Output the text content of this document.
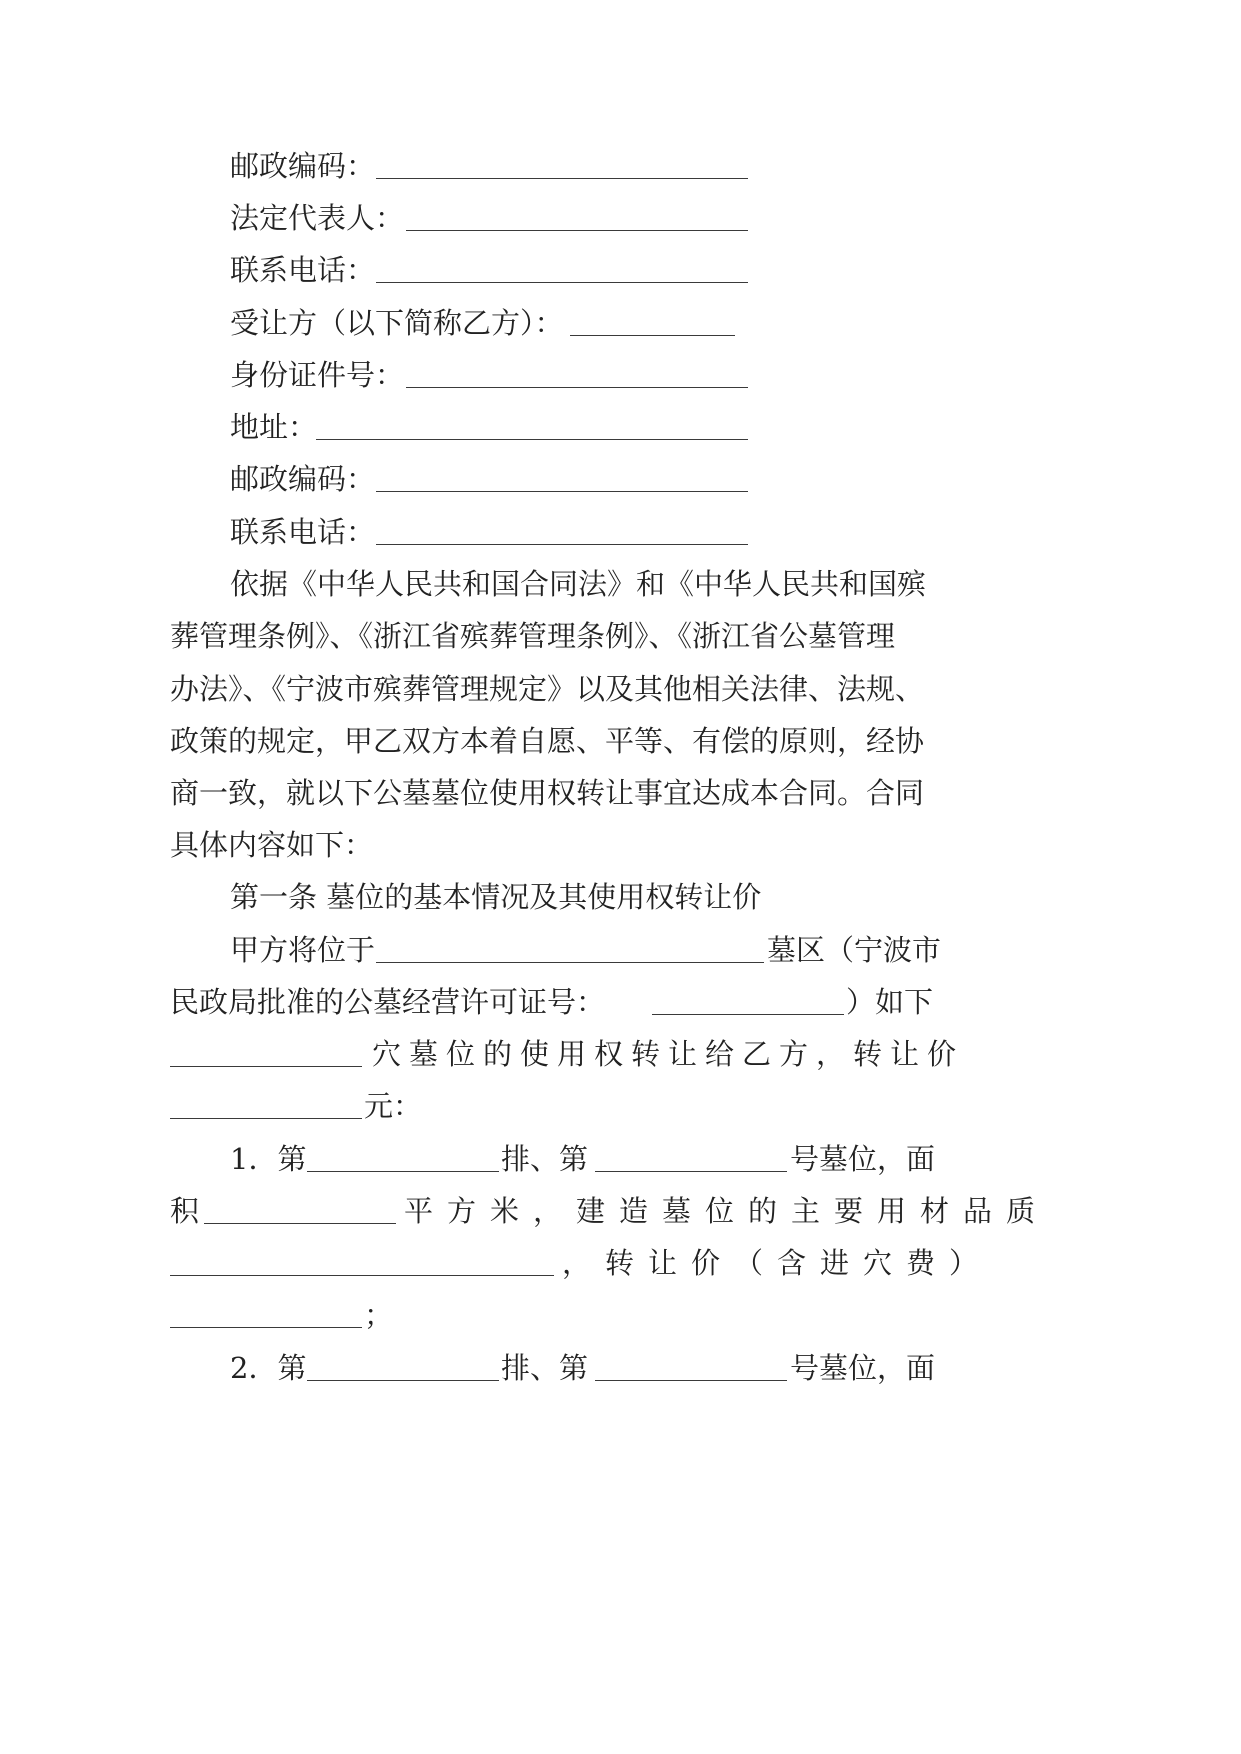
邮政编码：
法定代表人：
联系电话：
受让方（以下简称乙方）：
身份证件号：
地址：
邮政编码：
联系电话：
依据《中华人民共和国合同法》和《中华人民共和国殡
葬管理条例》、《浙江省殡葬管理条例》、《浙江省公墓管理
办法》、《宁波市殡葬管理规定》以及其他相关法律、法规、
政策的规定，甲乙双方本着自愿、平等、有偿的原则，经协
商一致，就以下公墓墓位使用权转让事宜达成本合同。合同
具体内容如下：
第一条 墓位的基本情况及其使用权转让价
甲方将位于	墓区（宁波市
民政局批准的公墓经营许可证号：	）如下
穴墓位的使用权转让给乙方，转让价
元：
1．第	排、第	号墓位，面
积	平方米，建造墓位的主要用材品质
，转让价（含进穴费）
；
2．第	排、第	号墓位，面
